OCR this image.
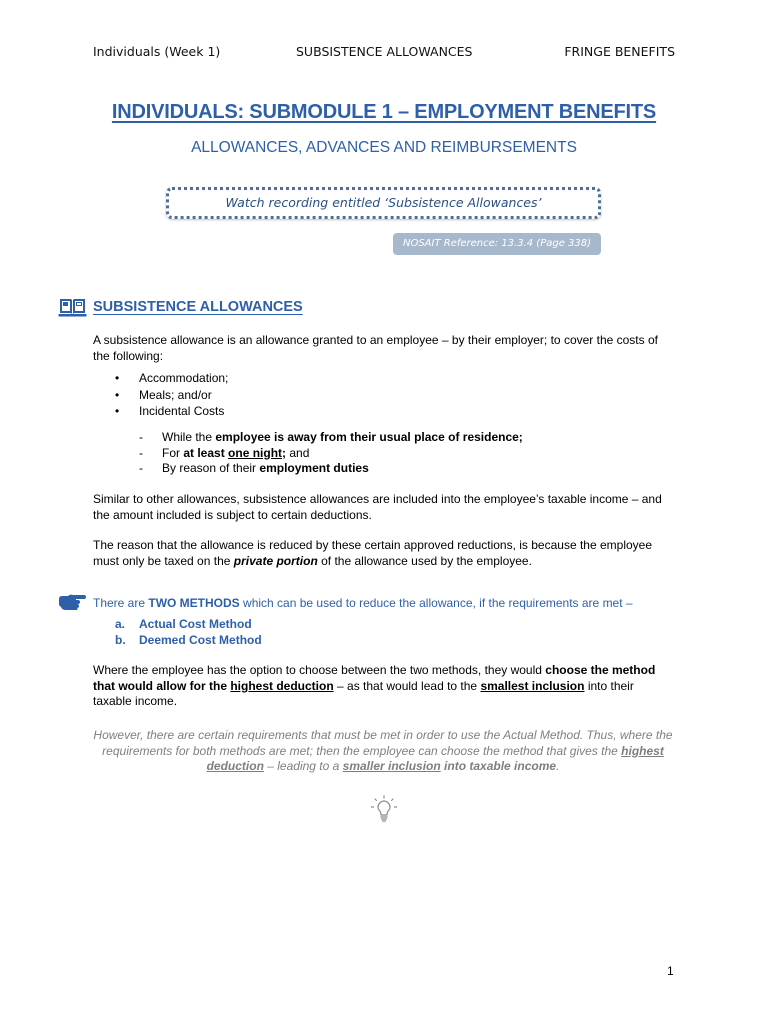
Individuals (Week 1)	SUBSISTENCE ALLOWANCES	FRINGE BENEFITS
INDIVIDUALS: SUBMODULE 1 – EMPLOYMENT BENEFITS
ALLOWANCES, ADVANCES AND REIMBURSEMENTS
Watch recording entitled ‘Subsistence Allowances’
NOSAIT Reference: 13.3.4 (Page 338)
SUBSISTENCE ALLOWANCES
A subsistence allowance is an allowance granted to an employee – by their employer; to cover the costs of the following:
• Accommodation;
• Meals; and/or
• Incidental Costs
- While the employee is away from their usual place of residence;
- For at least one night; and
- By reason of their employment duties
Similar to other allowances, subsistence allowances are included into the employee’s taxable income – and the amount included is subject to certain deductions.
The reason that the allowance is reduced by these certain approved reductions, is because the employee must only be taxed on the private portion of the allowance used by the employee.
There are TWO METHODS which can be used to reduce the allowance, if the requirements are met –
a. Actual Cost Method
b. Deemed Cost Method
Where the employee has the option to choose between the two methods, they would choose the method that would allow for the highest deduction – as that would lead to the smallest inclusion into their taxable income.
However, there are certain requirements that must be met in order to use the Actual Method. Thus, where the requirements for both methods are met; then the employee can choose the method that gives the highest deduction – leading to a smaller inclusion into taxable income.
1
